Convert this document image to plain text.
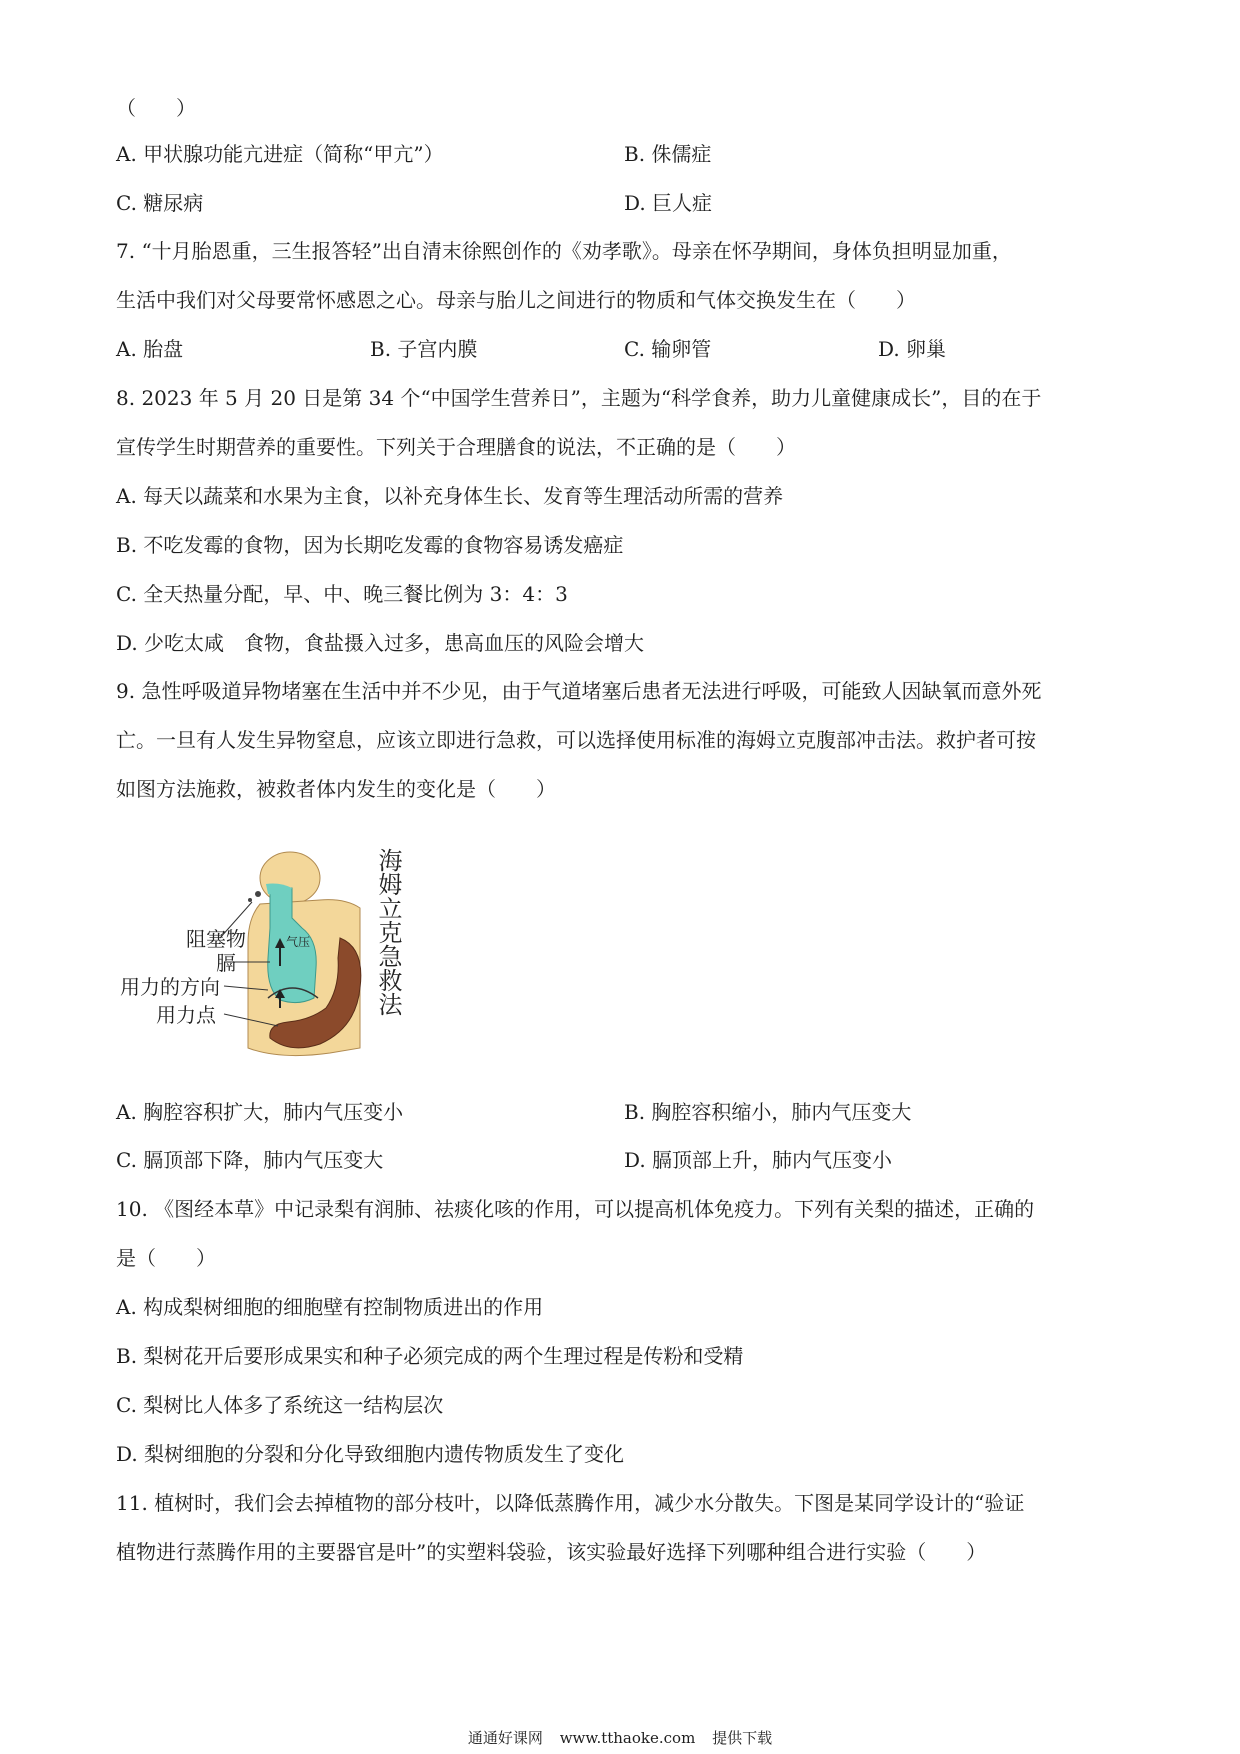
（　　）
A. 甲状腺功能亢进症（简称“甲亢”）	B. 侏儒症
C. 糖尿病	D. 巨人症
7. “十月胎恩重，三生报答轻”出自清末徐熙创作的《劝孝歌》。母亲在怀孕期间，身体负担明显加重，
生活中我们对父母要常怀感恩之心。母亲与胎儿之间进行的物质和气体交换发生在（　　）
A. 胎盘	B. 子宫内膜	C. 输卵管	D. 卵巢
8. 2023 年 5 月 20 日是第 34 个“中国学生营养日”，主题为“科学食养，助力儿童健康成长”，目的在于
宣传学生时期营养的重要性。下列关于合理膳食的说法，不正确的是（　　）
A. 每天以蔬菜和水果为主食，以补充身体生长、发育等生理活动所需的营养
B. 不吃发霉的食物，因为长期吃发霉的食物容易诱发癌症
C. 全天热量分配，早、中、晚三餐比例为 3：4：3
D. 少吃太咸　食物，食盐摄入过多，患高血压的风险会增大
9. 急性呼吸道异物堵塞在生活中并不少见，由于气道堵塞后患者无法进行呼吸，可能致人因缺氧而意外死
亡。一旦有人发生异物窒息，应该立即进行急救，可以选择使用标准的海姆立克腹部冲击法。救护者可按
如图方法施救，被救者体内发生的变化是（　　）
阻塞物
膈
用力的方向
用力点
气压	海姆立克急救法
A. 胸腔容积扩大，肺内气压变小	B. 胸腔容积缩小，肺内气压变大
C. 膈顶部下降，肺内气压变大	D. 膈顶部上升，肺内气压变小
10. 《图经本草》中记录梨有润肺、祛痰化咳的作用，可以提高机体免疫力。下列有关梨的描述，正确的
是（　　）
A. 构成梨树细胞的细胞壁有控制物质进出的作用
B. 梨树花开后要形成果实和种子必须完成的两个生理过程是传粉和受精
C. 梨树比人体多了系统这一结构层次
D. 梨树细胞的分裂和分化导致细胞内遗传物质发生了变化
11. 植树时，我们会去掉植物的部分枝叶，以降低蒸腾作用，减少水分散失。下图是某同学设计的“验证
植物进行蒸腾作用的主要器官是叶”的实塑料袋验，该实验最好选择下列哪种组合进行实验（　　）
通通好课网 www.tthaoke.com 提供下载
